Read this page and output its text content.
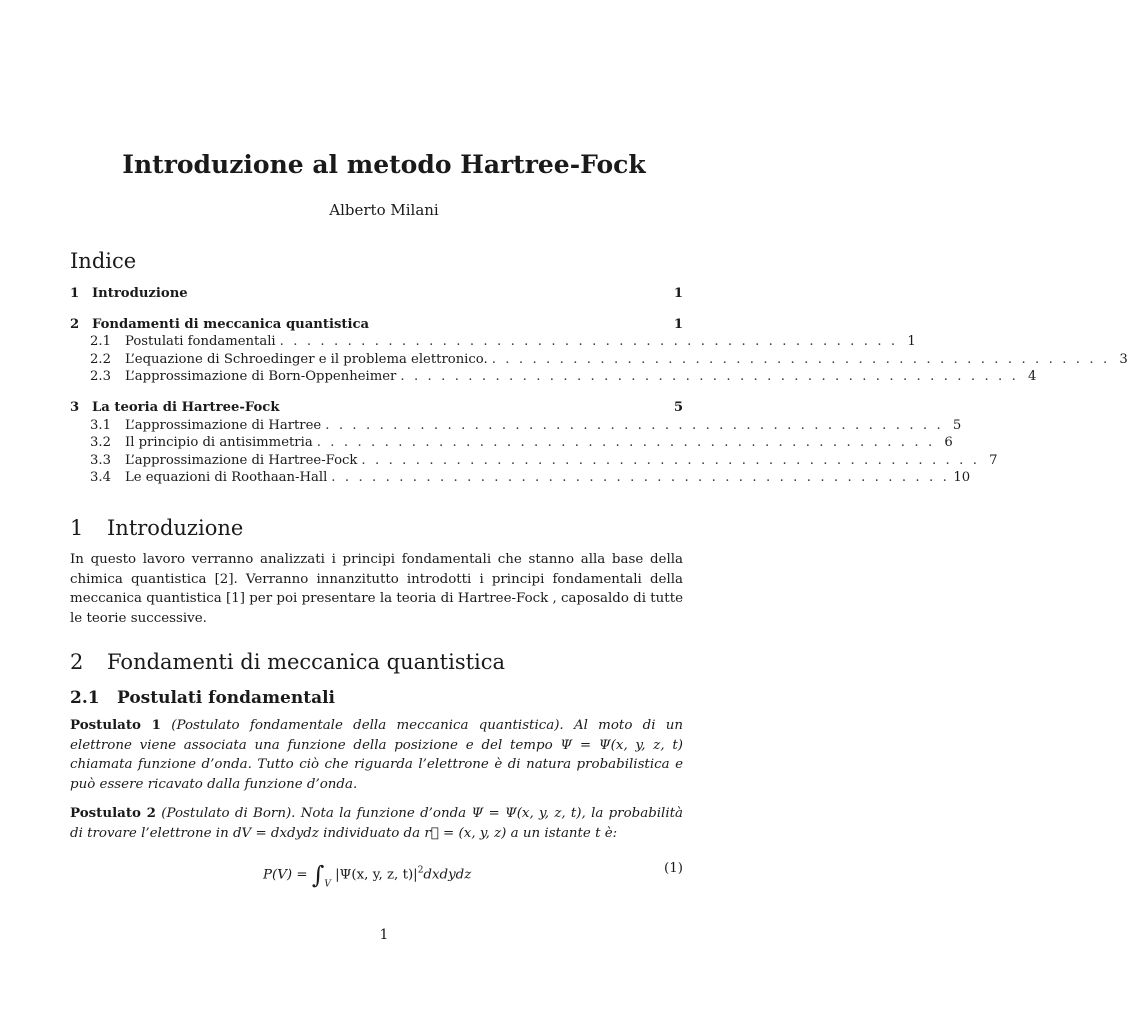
Introduzione al metodo Hartree-Fock
Alberto Milani
Indice
1 Introduzione	1
2 Fondamenti di meccanica quantistica	1
2.1	Postulati fondamentali . . . . . . . . . . . . . . . . . . . . . . . . . . . . . . . . . . . . . . . . . . . . . . 1
2.2	L’equazione di Schroedinger e il problema elettronico. . . . . . . . . . . . . . . . . . . . . . . . . . . . . . . . . . . . . . . . . . . . . . . 3
2.3	L’approssimazione di Born-Oppenheimer . . . . . . . . . . . . . . . . . . . . . . . . . . . . . . . . . . . . . . . . . . . . . . 4
3 La teoria di Hartree-Fock	5
3.1	L’approssimazione di Hartree . . . . . . . . . . . . . . . . . . . . . . . . . . . . . . . . . . . . . . . . . . . . . . 5
3.2	Il principio di antisimmetria . . . . . . . . . . . . . . . . . . . . . . . . . . . . . . . . . . . . . . . . . . . . . . 6
3.3	L’approssimazione di Hartree-Fock . . . . . . . . . . . . . . . . . . . . . . . . . . . . . . . . . . . . . . . . . . . . . . 7
3.4	Le equazioni di Roothaan-Hall . . . . . . . . . . . . . . . . . . . . . . . . . . . . . . . . . . . . . . . . . . . . . . 10
1 Introduzione
In questo lavoro verranno analizzati i principi fondamentali che stanno alla base della chimica quantistica [2]. Verranno innanzitutto introdotti i principi fondamentali della meccanica quantistica [1] per poi presentare la teoria di Hartree-Fock , caposaldo di tutte le teorie successive.
2 Fondamenti di meccanica quantistica
2.1 Postulati fondamentali
Postulato 1 (Postulato fondamentale della meccanica quantistica). Al moto di un elettrone viene associata una funzione della posizione e del tempo Ψ = Ψ(x, y, z, t) chiamata funzione d’onda. Tutto ciò che riguarda l’elettrone è di natura probabilistica e può essere ricavato dalla funzione d’onda.
Postulato 2 (Postulato di Born). Nota la funzione d’onda Ψ = Ψ(x, y, z, t), la probabilità di trovare l’elettrone in dV = dxdydz individuato da r⃗ = (x, y, z) a un istante t è:
$P(V) = \int_V$ |Ψ(x, y, z, $t)|^2dxdydz$	(1)
1
